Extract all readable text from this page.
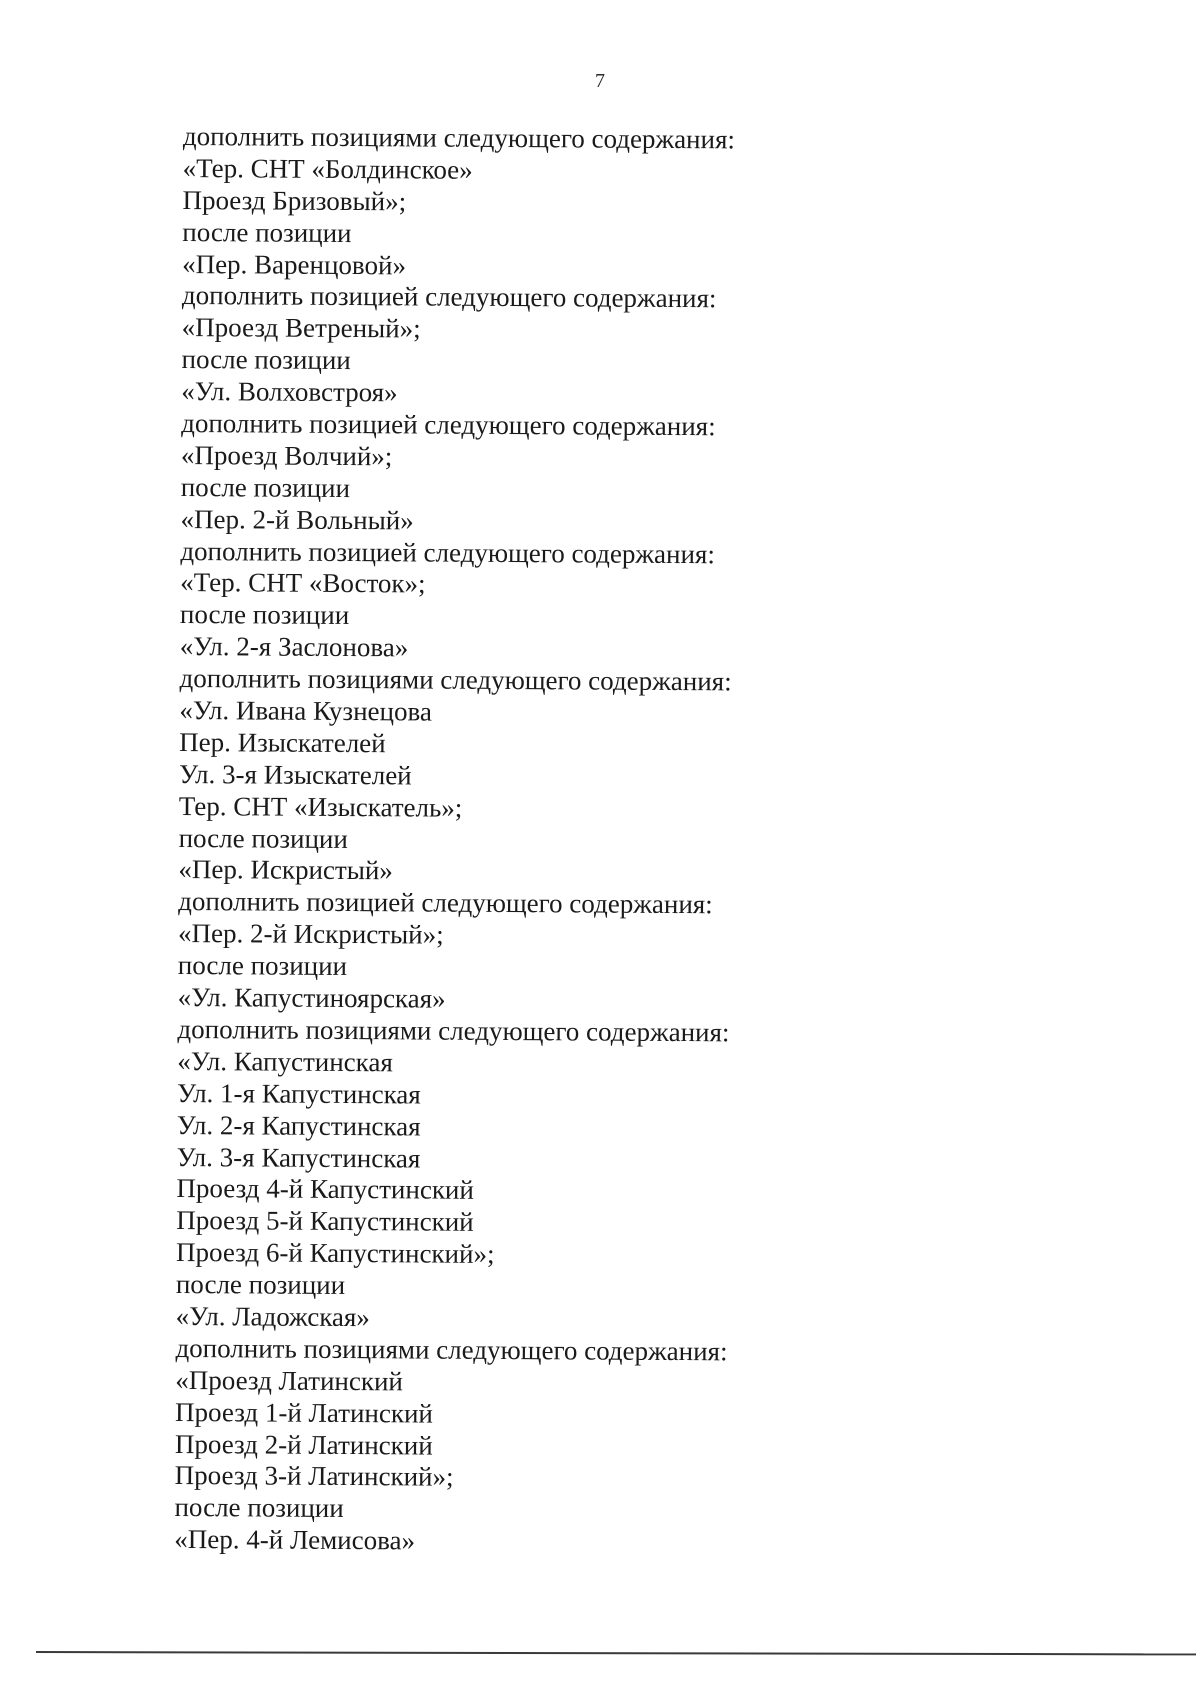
7
дополнить позициями следующего содержания:
«Тер. СНТ «Болдинское»
Проезд Бризовый»;
после позиции
«Пер. Варенцовой»
дополнить позицией следующего содержания:
«Проезд Ветреный»;
после позиции
«Ул. Волховстроя»
дополнить позицией следующего содержания:
«Проезд Волчий»;
после позиции
«Пер. 2-й Вольный»
дополнить позицией следующего содержания:
«Тер. СНТ «Восток»;
после позиции
«Ул. 2-я Заслонова»
дополнить позициями следующего содержания:
«Ул. Ивана Кузнецова
Пер. Изыскателей
Ул. 3-я Изыскателей
Тер. СНТ «Изыскатель»;
после позиции
«Пер. Искристый»
дополнить позицией следующего содержания:
«Пер. 2-й Искристый»;
после позиции
«Ул. Капустиноярская»
дополнить позициями следующего содержания:
«Ул. Капустинская
Ул. 1-я Капустинская
Ул. 2-я Капустинская
Ул. 3-я Капустинская
Проезд 4-й Капустинский
Проезд 5-й Капустинский
Проезд 6-й Капустинский»;
после позиции
«Ул. Ладожская»
дополнить позициями следующего содержания:
«Проезд Латинский
Проезд 1-й Латинский
Проезд 2-й Латинский
Проезд 3-й Латинский»;
после позиции
«Пер. 4-й Лемисова»
